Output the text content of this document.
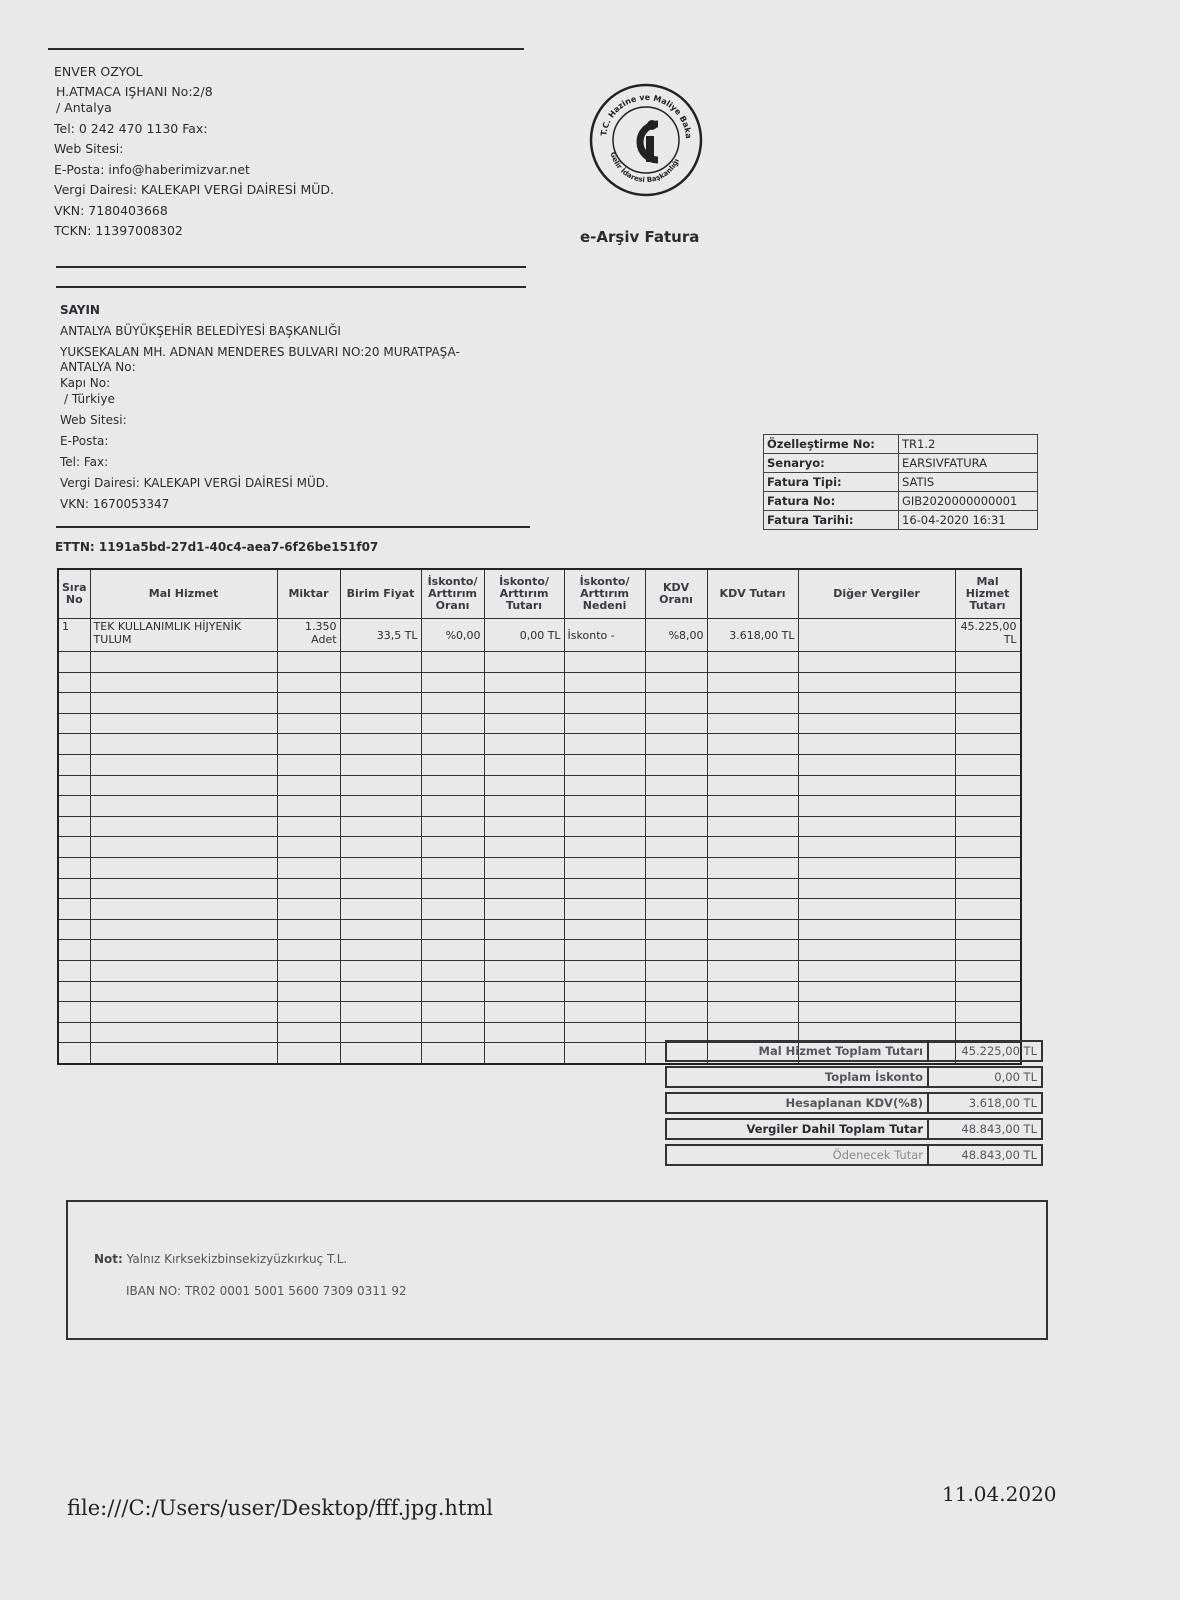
ENVER OZYOL
H.ATMACA IŞHANI No:2/8
/ Antalya
Tel: 0 242 470 1130 Fax:
Web Sitesi:
E-Posta: info@haberimizvar.net
Vergi Dairesi: KALEKAPI VERGİ DAİRESİ MÜD.
VKN: 7180403668
TCKN: 11397008302
T.C. Hazine ve Maliye Baka
Gelir İdaresi Başkanlığı
e-Arşiv Fatura
SAYIN
ANTALYA BÜYÜKŞEHİR BELEDİYESİ BAŞKANLIĞI
YUKSEKALAN MH. ADNAN MENDERES BULVARI NO:20 MURATPAŞA-
ANTALYA No:
Kapı No:
/ Türkiye
Web Sitesi:
E-Posta:
Tel: Fax:
Vergi Dairesi: KALEKAPI VERGİ DAİRESİ MÜD.
VKN: 1670053347
Özelleştirme No:	TR1.2
Senaryo:	EARSIVFATURA
Fatura Tipi:	SATIS
Fatura No:	GIB2020000000001
Fatura Tarihi:	16-04-2020 16:31
ETTN: 1191a5bd-27d1-40c4-aea7-6f26be151f07
Sıra No	Mal Hizmet	Miktar	Birim Fiyat	İskonto/ Arttırım Oranı	İskonto/ Arttırım Tutarı	İskonto/ Arttırım Nedeni	KDV Oranı	KDV Tutarı	Diğer Vergiler	Mal Hizmet Tutarı
1	TEK KULLANIMLIK HİJYENİK TULUM	1.350 Adet	33,5 TL	%0,00	0,00 TL	İskonto -	%8,00	3.618,00 TL		45.225,00 TL

Mal Hizmet Toplam Tutarı	45.225,00 TL

Toplam İskonto	0,00 TL

Hesaplanan KDV(%8)	3.618,00 TL

Vergiler Dahil Toplam Tutar	48.843,00 TL

Ödenecek Tutar	48.843,00 TL
Not: Yalnız Kırksekizbinsekizyüzkırkuç T.L.
IBAN NO: TR02 0001 5001 5600 7309 0311 92
file:///C:/Users/user/Desktop/fff.jpg.html
11.04.2020
